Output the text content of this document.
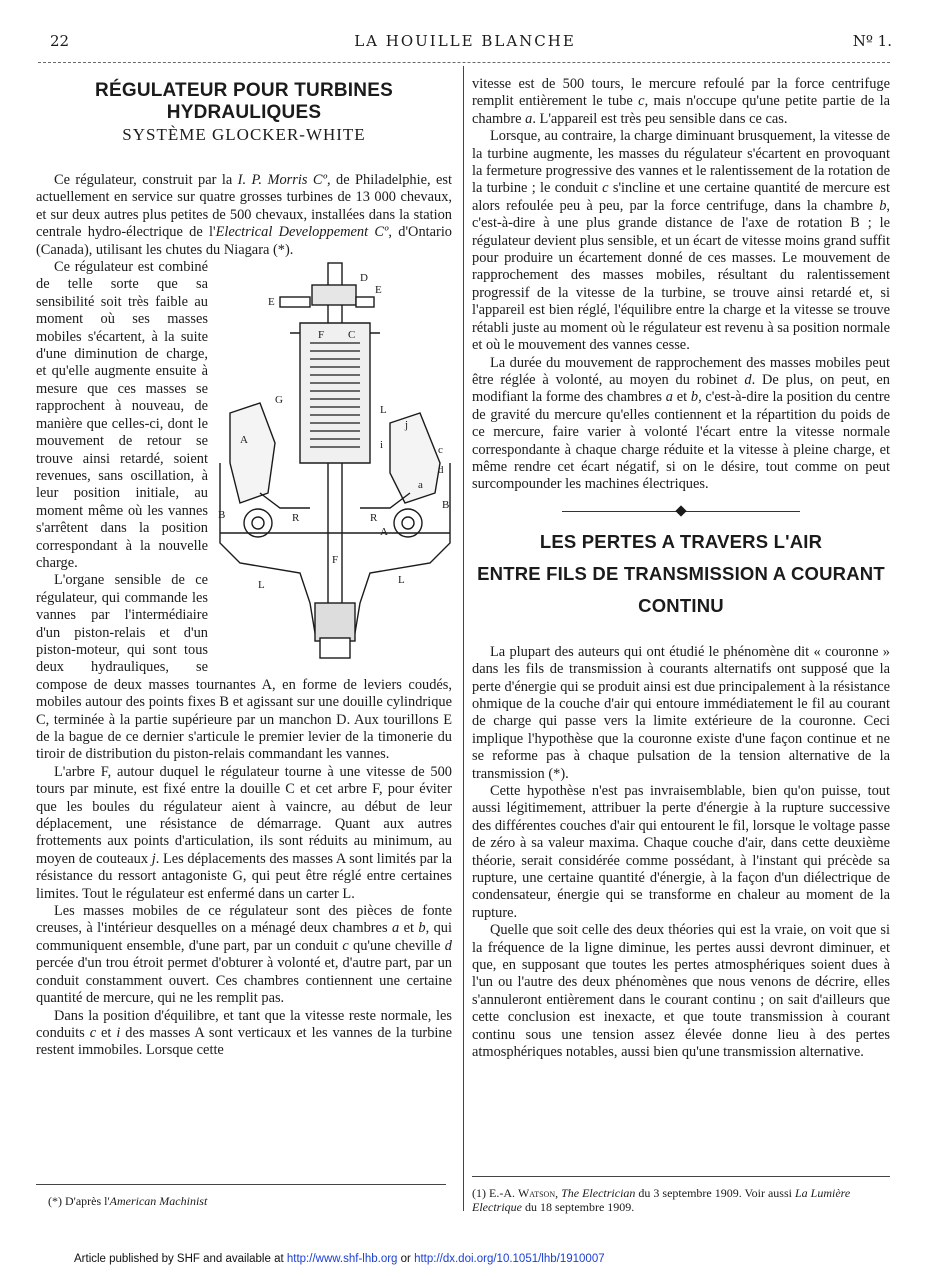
22	LA HOUILLE BLANCHE	Nº 1.
RÉGULATEUR POUR TURBINES HYDRAULIQUES
SYSTÈME GLOCKER-WHITE

Ce régulateur, construit par la I. P. Morris Cº, de Philadelphie, est actuellement en service sur quatre grosses turbines de 13 000 chevaux, et sur deux autres plus petites de 500 chevaux, installées dans la station centrale hydro-électrique de l'Electrical Developpement Cº, d'Ontario (Canada), utilisant les chutes du Niagara (*).

D
E
E
F C
G
L
A
j
i	c
d
a
B
B
R	R
A
F
L	L

Ce régulateur est combiné de telle sorte que sa sensibilité soit très faible au moment où ses masses mobiles s'écartent, à la suite d'une diminution de charge, et qu'elle augmente ensuite à mesure que ces masses se rapprochent à nouveau, de manière que celles-ci, dont le mouvement de retour se trouve ainsi retardé, soient revenues, sans oscillation, à leur position initiale, au moment même où les vannes s'arrêtent dans la position correspondant à la nouvelle charge.

L'organe sensible de ce régulateur, qui commande les vannes par l'intermédiaire d'un piston-relais et d'un piston-moteur, qui sont tous deux hydrauliques, se compose de deux masses tournantes A, en forme de leviers coudés, mobiles autour des points fixes B et agissant sur une douille cylindrique C, terminée à la partie supérieure par un manchon D. Aux tourillons E de la bague de ce dernier s'articule le premier levier de la timonerie du tiroir de distribution du piston-relais commandant les vannes.

L'arbre F, autour duquel le régulateur tourne à une vitesse de 500 tours par minute, est fixé entre la douille C et cet arbre F, pour éviter que les boules du régulateur aient à vaincre, au début de leur déplacement, une résistance de démarrage. Quant aux autres frottements aux points d'articulation, ils sont réduits au minimum, au moyen de couteaux j. Les déplacements des masses A sont limités par la résistance du ressort antagoniste G, qui peut être réglé entre certaines limites. Tout le régulateur est enfermé dans un carter L.

Les masses mobiles de ce régulateur sont des pièces de fonte creuses, à l'intérieur desquelles on a ménagé deux chambres a et b, qui communiquent ensemble, d'une part, par un conduit c qu'une cheville d percée d'un trou étroit permet d'obturer à volonté et, d'autre part, par un conduit constamment ouvert. Ces chambres contiennent une certaine quantité de mercure, qui ne les remplit pas.

Dans la position d'équilibre, et tant que la vitesse reste normale, les conduits c et i des masses A sont verticaux et les vannes de la turbine restent immobiles. Lorsque cette

vitesse est de 500 tours, le mercure refoulé par la force centrifuge remplit entièrement le tube c, mais n'occupe qu'une petite partie de la chambre a. L'appareil est très peu sensible dans ce cas.

Lorsque, au contraire, la charge diminuant brusquement, la vitesse de la turbine augmente, les masses du régulateur s'écartent en provoquant la fermeture progressive des vannes et le ralentissement de la rotation de la turbine ; le conduit c s'incline et une certaine quantité de mercure est alors refoulée peu à peu, par la force centrifuge, dans la chambre b, c'est-à-dire à une plus grande distance de l'axe de rotation B ; le régulateur devient plus sensible, et un écart de vitesse moins grand suffit pour produire un écartement donné de ces masses. Le mouvement de rapprochement des masses mobiles, résultant du ralentissement progressif de la vitesse de la turbine, se trouve ainsi retardé et, si l'appareil est bien réglé, l'équilibre entre la charge et la vitesse se trouve rétabli juste au moment où le régulateur est revenu à sa position normale et où le mouvement des vannes cesse.

La durée du mouvement de rapprochement des masses mobiles peut être réglée à volonté, au moyen du robinet d. De plus, on peut, en modifiant la forme des chambres a et b, c'est-à-dire la position du centre de gravité du mercure qu'elles contiennent et la répartition du poids de ce mercure, faire varier à volonté l'écart entre la vitesse normale correspondante à chaque charge réduite et la vitesse à pleine charge, et même rendre cet écart négatif, si on le désire, tout comme on peut surcompounder les machines électriques.

LES PERTES A TRAVERS L'AIR
ENTRE FILS DE TRANSMISSION A COURANT CONTINU

La plupart des auteurs qui ont étudié le phénomène dit « couronne » dans les fils de transmission à courants alternatifs ont supposé que la perte d'énergie qui se produit ainsi est due principalement à la résistance ohmique de la couche d'air qui entoure immédiatement le fil au courant de charge qui passe vers la limite extérieure de la couronne. Ceci implique l'hypothèse que la couronne existe d'une façon continue et ne se reforme pas à chaque pulsation de la tension alternative de la transmission (*).

Cette hypothèse n'est pas invraisemblable, bien qu'on puisse, tout aussi légitimement, attribuer la perte d'énergie à la rupture successive des différentes couches d'air qui entourent le fil, lorsque le voltage passe de zéro à sa valeur maxima. Chaque couche d'air, dans cette deuxième théorie, serait considérée comme possédant, à l'instant qui précède sa rupture, une certaine quantité d'énergie, à la façon d'un diélectrique de condensateur, énergie qui se transforme en chaleur au moment de la rupture.

Quelle que soit celle des deux théories qui est la vraie, on voit que si la fréquence de la ligne diminue, les pertes aussi devront diminuer, et que, en supposant que toutes les pertes atmosphériques soient dues à l'un ou l'autre des deux phénomènes que nous venons de décrire, elles s'annuleront entièrement dans le courant continu ; on sait d'ailleurs que cette conclusion est inexacte, et que toute transmission à courant continu sous une tension assez élevée donne lieu à des pertes atmosphériques notables, aussi bien qu'une transmission alternative.

(*) D'après l'American Machinist
(1) E.-A. Watson, The Electrician du 3 septembre 1909. Voir aussi La Lumière Electrique du 18 septembre 1909.
Article published by SHF and available at http://www.shf-lhb.org or http://dx.doi.org/10.1051/lhb/1910007
